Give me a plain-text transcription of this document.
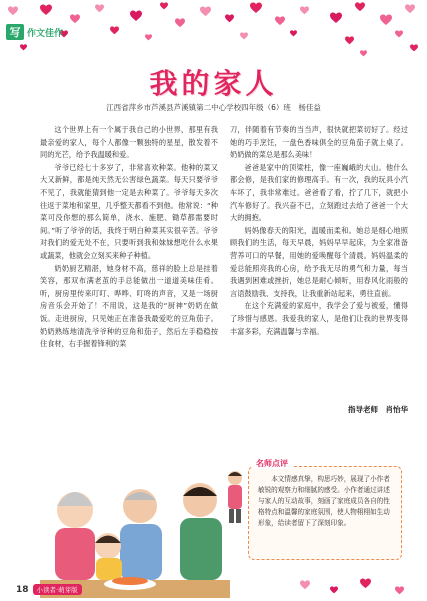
写 作文佳作
我的家人
江西省萍乡市芦溪县芦溪镇第二中心学校四年级（6）班　杨佳益

这个世界上有一个属于我自己的小世界，那里有我最亲爱的家人，每个人都像一颗独特的星星，散发着不同的光芒，给予我温暖和爱。

爷爷已经七十多岁了，非常喜欢种菜。他种的菜又大又新鲜，都是纯天然无公害绿色蔬菜。每天只要爷爷不见了，我就能猜到他一定是去种菜了。爷爷每天多次往返于菜地和家里，几乎整天都看不到他。他常说：“种菜可没你想的那么简单，浇水、施肥、锄草都需要时间。”听了爷爷的话，我终于明白种菜其实很辛苦。爷爷对我们的爱无处不在，只要听到我和妹妹想吃什么水果或蔬菜，他就会立刻买来种子种植。

奶奶厨艺精湛，她身材不高，慈祥的脸上总是挂着笑容，那双布满老茧的手总能做出一道道美味佳肴。听，厨房里传来叮叮、哗哗、叮咚的声音，又是一场厨房音乐会开始了！不用说，这是我的“厨神”奶奶在做饭。走进厨房，只见她正在准备我最爱吃的豆角茄子。奶奶熟练地清洗爷爷种的豆角和茄子，然后左手稳稳按住食材，右手握着锋利的菜

刀，伴随着有节奏的当当声，很快就把菜切好了。经过她的巧手烹饪，一盘色香味俱全的豆角茄子就上桌了。奶奶做的菜总是那么美味！

爸爸是家中的顶梁柱，像一座巍峨的大山。他什么都会修，是我们家的修理高手。有一次，我的玩具小汽车坏了，我非常难过。爸爸看了看，拧了几下，就把小汽车修好了。我兴奋不已，立刻跑过去给了爸爸一个大大的拥抱。

妈妈像春天的阳光，温暖而柔和。她总是细心地照顾我们的生活，每天早晨，妈妈早早起床，为全家准备营养可口的早餐，用她的爱唤醒每个清晨。妈妈温柔的爱总能照亮我的心房，给予我无尽的勇气和力量，每当我遇到困难或挫折，她总是耐心倾听，用春风化雨般的言语鼓励我、支持我，让我重新站起来，勇往直前。

在这个充满爱的家庭中，我学会了爱与被爱，懂得了珍惜与感恩。我爱我的家人，是他们让我的世界变得丰富多彩，充满温馨与幸福。

指导老师　肖怡华
名师点评
本文情感真挚，构思巧妙，展现了小作者敏锐的观察力和细腻的感受。小作者通过讲述与家人的互动故事，刻画了家庭成员各自的性格特点和温馨的家庭氛围，使人物栩栩如生动形象，给读者留下了深刻印象。
18	小读者·萌芽版
